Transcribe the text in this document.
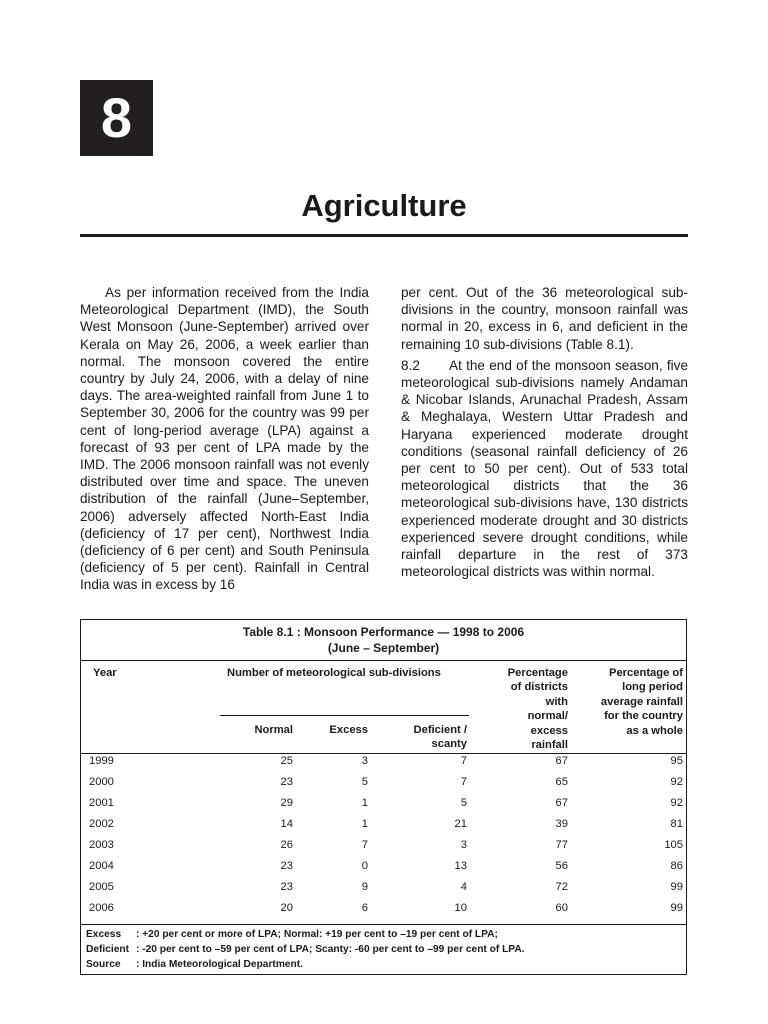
8
Agriculture

As per information received from the India Meteorological Department (IMD), the South West Monsoon (June-September) arrived over Kerala on May 26, 2006, a week earlier than normal. The monsoon covered the entire country by July 24, 2006, with a delay of nine days. The area-weighted rainfall from June 1 to September 30, 2006 for the country was 99 per cent of long-period average (LPA) against a forecast of 93 per cent of LPA made by the IMD. The 2006 monsoon rainfall was not evenly distributed over time and space. The uneven distribution of the rainfall (June–September, 2006) adversely affected North-East India (deficiency of 17 per cent), Northwest India (deficiency of 6 per cent) and South Peninsula (deficiency of 5 per cent). Rainfall in Central India was in excess by 16

per cent. Out of the 36 meteorological sub-divisions in the country, monsoon rainfall was normal in 20, excess in 6, and deficient in the remaining 10 sub-divisions (Table 8.1).

8.2 At the end of the monsoon season, five meteorological sub-divisions namely Andaman & Nicobar Islands, Arunachal Pradesh, Assam & Meghalaya, Western Uttar Pradesh and Haryana experienced moderate drought conditions (seasonal rainfall deficiency of 26 per cent to 50 per cent). Out of 533 total meteorological districts that the 36 meteorological sub-divisions have, 130 districts experienced moderate drought and 30 districts experienced severe drought conditions, while rainfall departure in the rest of 373 meteorological districts was within normal.

Table 8.1 : Monsoon Performance — 1998 to 2006
(June – September)
Year	Number of meteorological sub-divisions
Normal	Excess	Deficient /
scanty
Percentage
of districts
with
normal/
excess
rainfall
Percentage of
long period
average rainfall
for the country
as a whole
1999	25	3	7	67	95
2000	23	5	7	65	92
2001	29	1	5	67	92
2002	14	1	21	39	81
2003	26	7	3	77	105
2004	23	0	13	56	86
2005	23	9	4	72	99
2006	20	6	10	60	99
Excess : +20 per cent or more of LPA; Normal: +19 per cent to –19 per cent of LPA;
Deficient : -20 per cent to –59 per cent of LPA; Scanty: -60 per cent to –99 per cent of LPA.
Source : India Meteorological Department.
